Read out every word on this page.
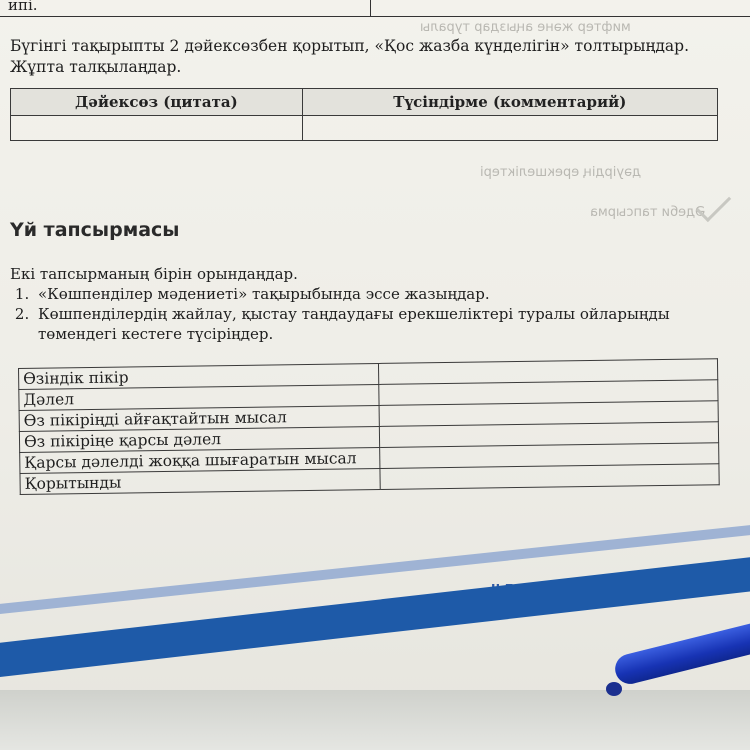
ипі.
мифтер жəне аңыздар туралы
дәуірдің ерекшеліктері
Әдеби тапсырма
Бүгінгі тақырыпты 2 дәйексөзбен қорытып, «Қос жазба күнделігін» толтырыңдар.
Жұпта талқылаңдар.
Дәйексөз (цитата)	Түсіндірме (комментарий)

Үй тапсырмасы
Екі тапсырманың бірін орындаңдар.
1. «Көшпенділер мәдениеті» тақырыбында эссе жазыңдар.
2. Көшпенділердің жайлау, қыстау таңдаудағы ерекшеліктері туралы ойларыңды төмендегі кестеге түсіріңдер.
Өзіндік пікір	
Дәлел	
Өз пікіріңді айғақтайтын мысал	
Өз пікіріңе қарсы дәлел	
Қарсы дәлелді жоққа шығаратын мысал	
Қорытынды	
